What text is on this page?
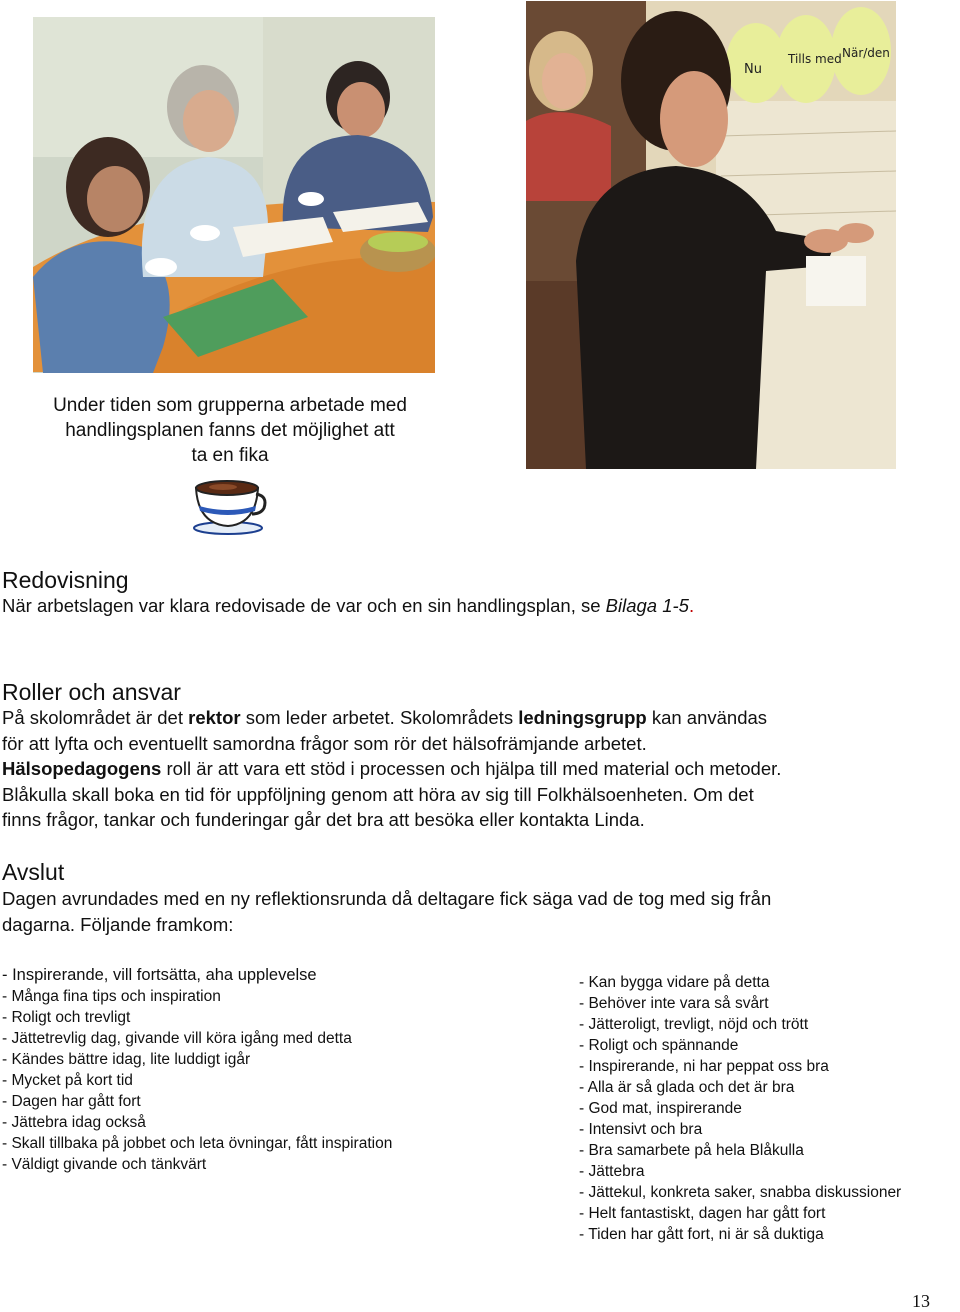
Nu
Tills med När/den
Under tiden som grupperna arbetade med
handlingsplanen fanns det möjlighet att
ta en fika
Redovisning
När arbetslagen var klara redovisade de var och en sin handlingsplan, se Bilaga 1-5.
Roller och ansvar
På skolområdet är det rektor som leder arbetet. Skolområdets ledningsgrupp kan användas
för att lyfta och eventuellt samordna frågor som rör det hälsofrämjande arbetet.
Hälsopedagogens roll är att vara ett stöd i processen och hjälpa till med material och metoder.
Blåkulla skall boka en tid för uppföljning genom att höra av sig till Folkhälsoenheten. Om det
finns frågor, tankar och funderingar går det bra att besöka eller kontakta Linda.
Avslut
Dagen avrundades med en ny reflektionsrunda då deltagare fick säga vad de tog med sig från
dagarna. Följande framkom:
- Inspirerande, vill fortsätta, aha upplevelse
- Många fina tips och inspiration
- Roligt och trevligt
- Jättetrevlig dag, givande vill köra igång med detta
- Kändes bättre idag, lite luddigt igår
- Mycket på kort tid
- Dagen har gått fort
- Jättebra idag också
- Skall tillbaka på jobbet och leta övningar, fått inspiration
- Väldigt givande och tänkvärt
- Kan bygga vidare på detta
- Behöver inte vara så svårt
- Jätteroligt, trevligt, nöjd och trött
- Roligt och spännande
- Inspirerande, ni har peppat oss bra
- Alla är så glada och det är bra
- God mat, inspirerande
- Intensivt och bra
- Bra samarbete på hela Blåkulla
- Jättebra
- Jättekul, konkreta saker, snabba diskussioner
- Helt fantastiskt, dagen har gått fort
- Tiden har gått fort, ni är så duktiga
13
